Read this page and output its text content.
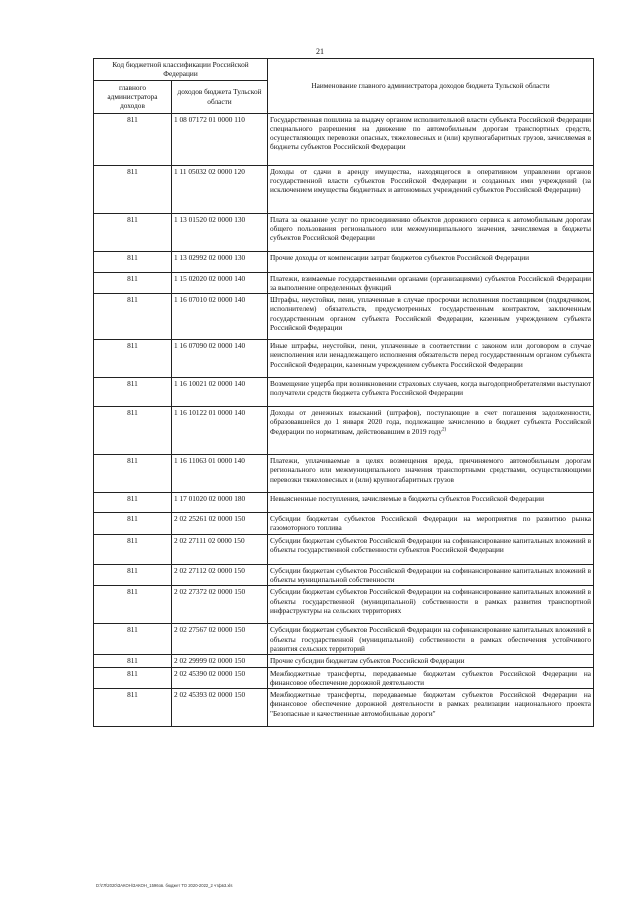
21
Код бюджетной классификации Российской Федерации		Наименование главного администратора доходов бюджета Тульской области
главного администратора доходов	доходов бюджета Тульской области	
811	1 08 07172 01 0000 110	Государственная пошлина за выдачу органом исполнительной власти субъекта Российской Федерации специального разрешения на движение по автомобильным дорогам транспортных средств, осуществляющих перевозки опасных, тяжеловесных и (или) крупногабаритных грузов, зачисляемая в бюджеты субъектов Российской Федерации
811	1 11 05032 02 0000 120	Доходы от сдачи в аренду имущества, находящегося в оперативном управлении органов государственной власти субъектов Российской Федерации и созданных ими учреждений (за исключением имущества бюджетных и автономных учреждений субъектов Российской Федерации)
811	1 13 01520 02 0000 130	Плата за оказание услуг по присоединению объектов дорожного сервиса к автомобильным дорогам общего пользования регионального или межмуниципального значения, зачисляемая в бюджеты субъектов Российской Федерации
811	1 13 02992 02 0000 130	Прочие доходы от компенсации затрат бюджетов субъектов Российской Федерации
811	1 15 02020 02 0000 140	Платежи, взимаемые государственными органами (организациями) субъектов Российской Федерации за выполнение определенных функций
811	1 16 07010 02 0000 140	Штрафы, неустойки, пени, уплаченные в случае просрочки исполнения поставщиком (подрядчиком, исполнителем) обязательств, предусмотренных государственным контрактом, заключенным государственным органом субъекта Российской Федерации, казенным учреждением субъекта Российской Федерации
811	1 16 07090 02 0000 140	Иные штрафы, неустойки, пени, уплаченные в соответствии с законом или договором в случае неисполнения или ненадлежащего исполнения обязательств перед государственным органом субъекта Российской Федерации, казенным учреждением субъекта Российской Федерации
811	1 16 10021 02 0000 140	Возмещение ущерба при возникновении страховых случаев, когда выгодоприобретателями выступают получатели средств бюджета субъекта Российской Федерации
811	1 16 10122 01 0000 140	Доходы от денежных взысканий (штрафов), поступающие в счет погашения задолженности, образовавшейся до 1 января 2020 года, подлежащие зачислению в бюджет субъекта Российской Федерации по нормативам, действовавшим в 2019 году$^{2)}$
811	1 16 11063 01 0000 140	Платежи, уплачиваемые в целях возмещения вреда, причиняемого автомобильным дорогам регионального или межмуниципального значения транспортными средствами, осуществляющими перевозки тяжеловесных и (или) крупногабаритных грузов
811	1 17 01020 02 0000 180	Невыясненные поступления, зачисляемые в бюджеты субъектов Российской Федерации
811	2 02 25261 02 0000 150	Субсидии бюджетам субъектов Российской Федерации на мероприятия по развитию рынка газомоторного топлива
811	2 02 27111 02 0000 150	Субсидии бюджетам субъектов Российской Федерации на софинансирование капитальных вложений в объекты государственной собственности субъектов Российской Федерации
811	2 02 27112 02 0000 150	Субсидии бюджетам субъектов Российской Федерации на софинансирование капитальных вложений в объекты муниципальной собственности
811	2 02 27372 02 0000 150	Субсидии бюджетам субъектов Российской Федерации на софинансирование капитальных вложений в объекты государственной (муниципальной) собственности в рамках развития транспортной инфраструктуры на сельских территориях
811	2 02 27567 02 0000 150	Субсидии бюджетам субъектов Российской Федерации на софинансирование капитальных вложений в объекты государственной (муниципальной) собственности в рамках обеспечения устойчивого развития сельских территорий
811	2 02 29999 02 0000 150	Прочие субсидии бюджетам субъектов Российской Федерации
811	2 02 45390 02 0000 150	Межбюджетные трансферты, передаваемые бюджетам субъектов Российской Федерации на финансовое обеспечение дорожной деятельности
811	2 02 45393 02 0000 150	Межбюджетные трансферты, передаваемые бюджетам субъектов Российской Федерации на финансовое обеспечение дорожной деятельности в рамках реализации национального проекта "Безопасные и качественные автомобильные дороги"
D:\ГЛ\2020\ЗАКОН\ЗАКОН_1596ов. бюджет ТО 2020-2022_2 чтфв3.xls
